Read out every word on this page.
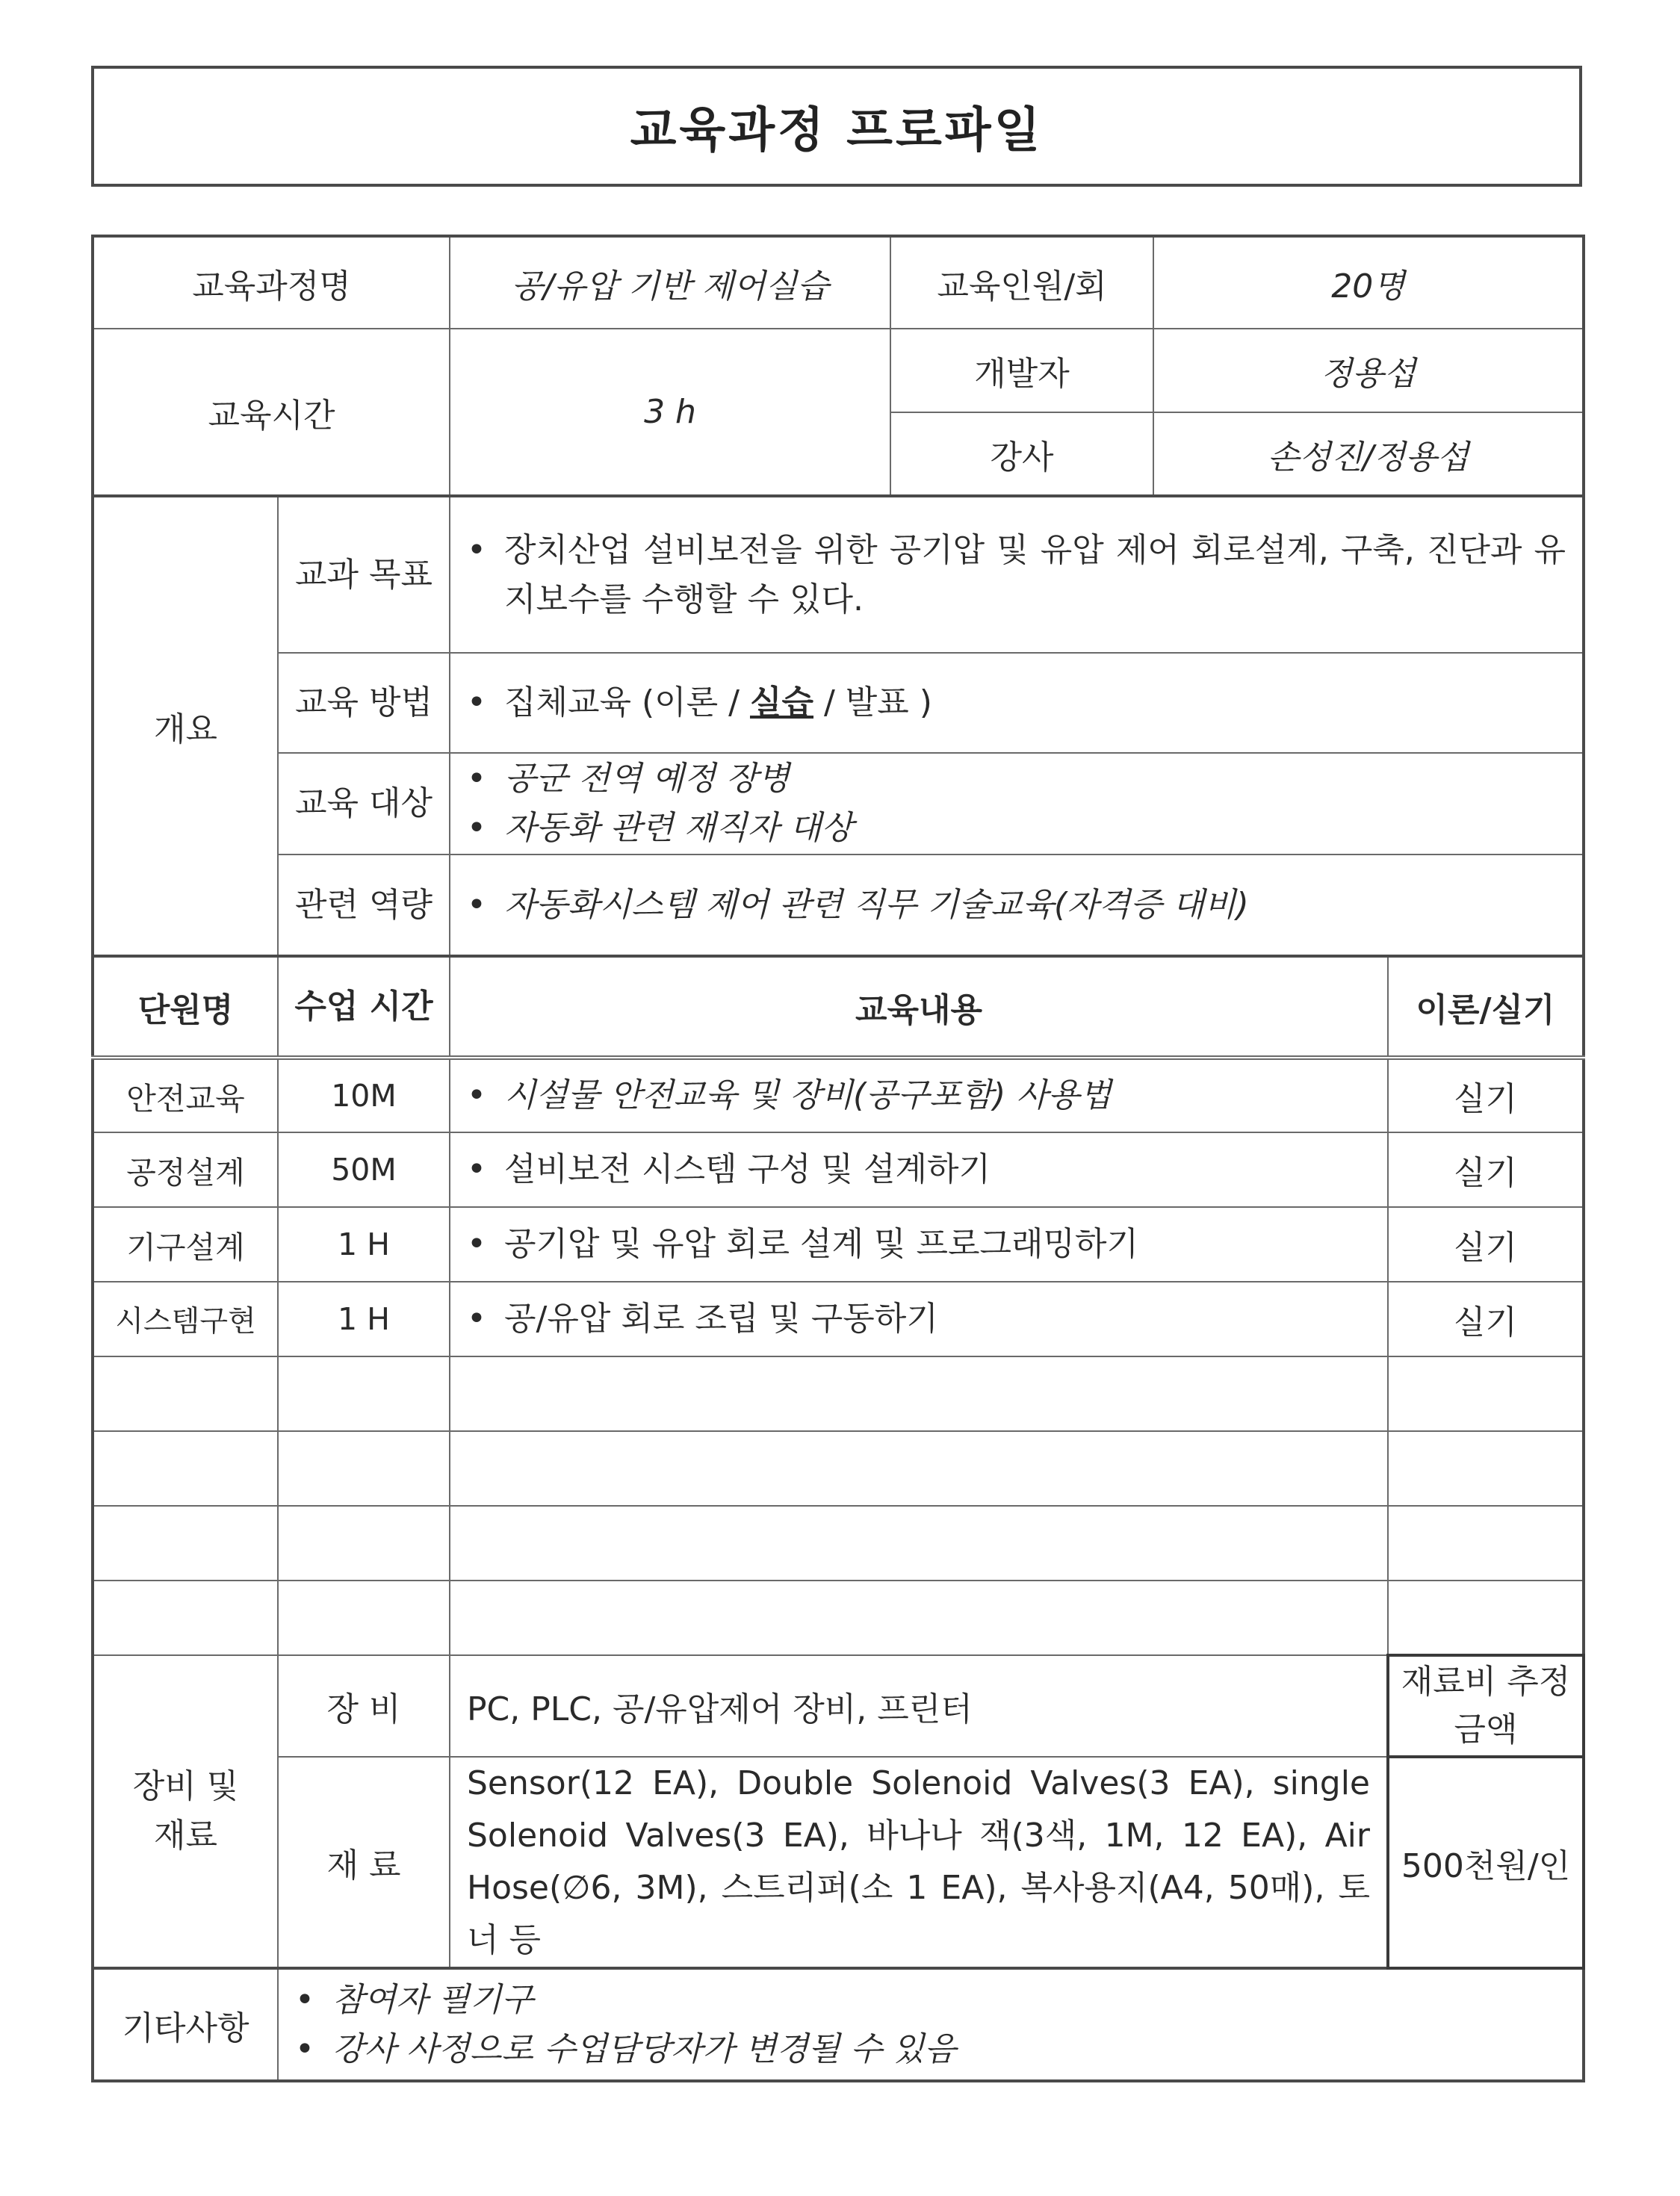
교육과정 프로파일
교육과정명		공/유압 기반 제어실습	교육인원/회	20명	
교육시간		3 h	개발자	정용섭	
			강사	손성진/정용섭	
개요	교과 목표	• 장치산업 설비보전을 위한 공기압 및 유압 제어 회로설계, 구축, 진단과 유지보수를 수행할 수 있다.

	교육 방법	• 집체교육 (이론 / 실습 / 발표 )

	교육 대상	• 공군 전역 예정 장병
• 자동화 관련 재직자 대상

	관련 역량	• 자동화시스템 제어 관련 직무 기술교육(자격증 대비)

단원명	수업 시간	교육내용			이론/실기
안전교육	10M	• 시설물 안전교육 및 장비(공구포함) 사용법			실기
공정설계	50M	• 설비보전 시스템 구성 및 설계하기			실기
기구설계	1 H	• 공기압 및 유압 회로 설계 및 프로그래밍하기			실기
시스템구현	1 H	• 공/유압 회로 조립 및 구동하기			실기

장비 및 재료	장 비	PC, PLC, 공/유압제어 장비, 프린터			재료비 추정금액
	재 료	Sensor(12 EA), Double Solenoid Valves(3 EA), single Solenoid Valves(3 EA), 바나나 잭(3색, 1M, 12 EA), Air Hose(∅6, 3M), 스트리퍼(소 1 EA), 복사용지(A4, 50매), 토너 등			500천원/인
기타사항	• 참여자 필기구
• 강사 사정으로 수업담당자가 변경될 수 있음
